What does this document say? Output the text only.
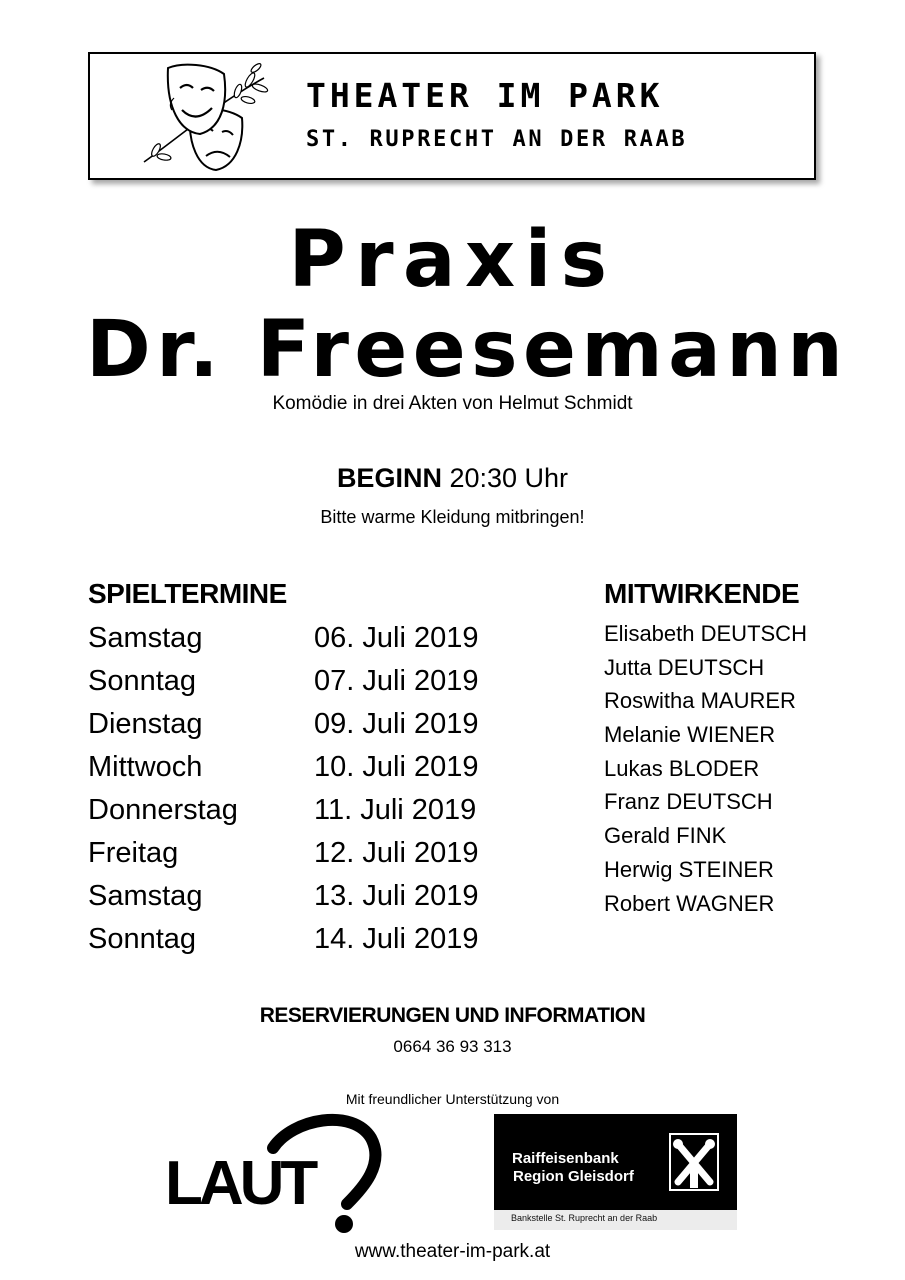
THEATER IM PARK
ST. RUPRECHT AN DER RAAB
Praxis
Dr. Freesemann
Komödie in drei Akten von Helmut Schmidt
BEGINN 20:30 Uhr
Bitte warme Kleidung mitbringen!
SPIELTERMINE
Samstag	06. Juli 2019
Sonntag	07. Juli 2019
Dienstag	09. Juli 2019
Mittwoch	10. Juli 2019
Donnerstag	11. Juli 2019
Freitag	12. Juli 2019
Samstag	13. Juli 2019
Sonntag	14. Juli 2019
MITWIRKENDE
Elisabeth DEUTSCH
Jutta DEUTSCH
Roswitha MAURER
Melanie WIENER
Lukas BLODER
Franz DEUTSCH
Gerald FINK
Herwig STEINER
Robert WAGNER
RESERVIERUNGEN UND INFORMATION
0664 36 93 313
Mit freundlicher Unterstützung von
LAUT	Raiffeisenbank
Region Gleisdorf
Bankstelle St. Ruprecht an der Raab
www.theater-im-park.at
